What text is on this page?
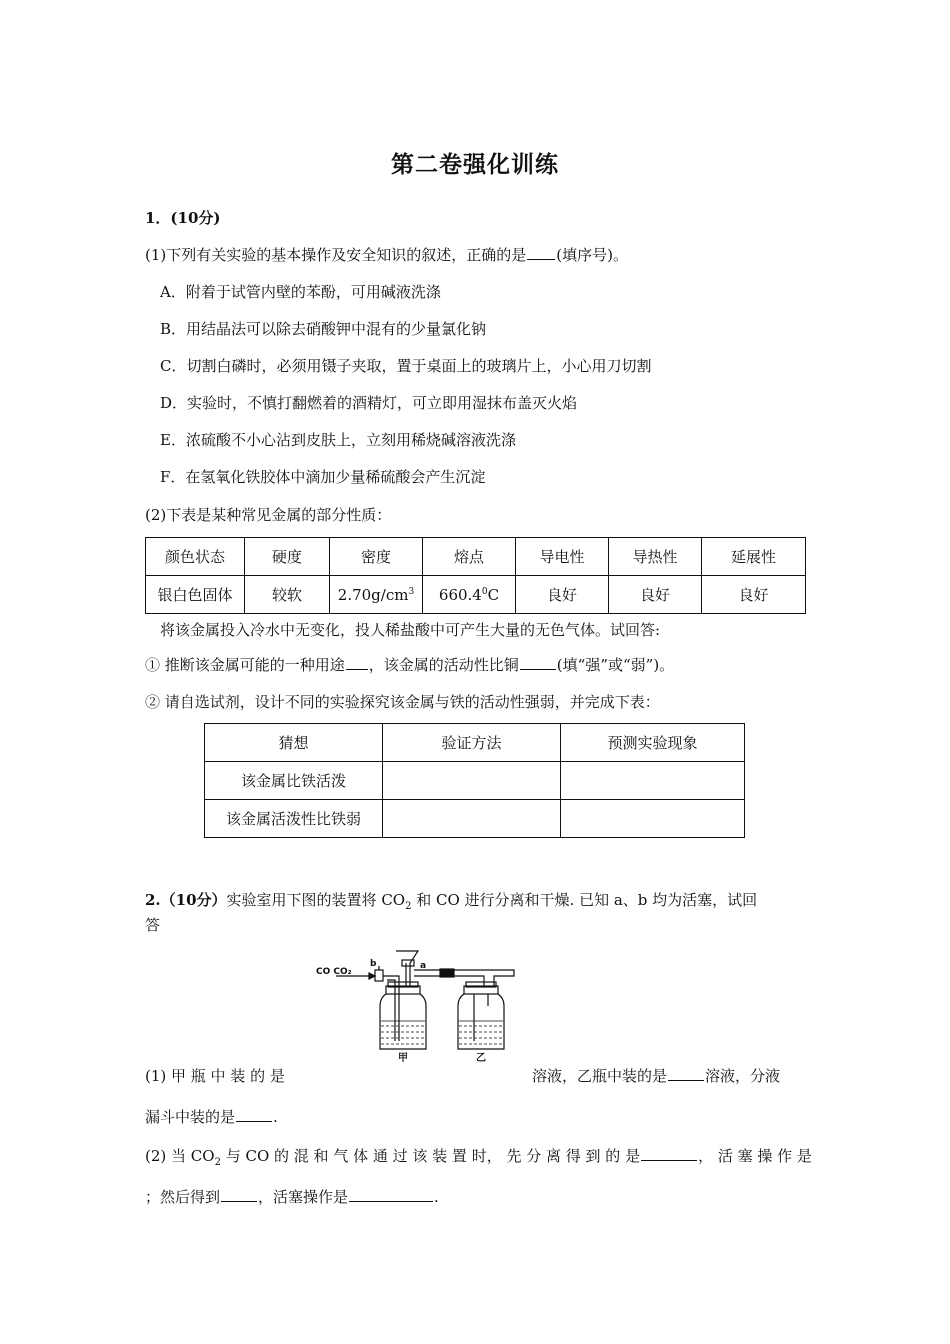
第二卷强化训练
1．(10分)
(1)下列有关实验的基本操作及安全知识的叙述，正确的是 (填序号)。
A．附着于试管内壁的苯酚，可用碱液洗涤
B．用结晶法可以除去硝酸钾中混有的少量氯化钠
C．切割白磷时，必须用镊子夹取，置于桌面上的玻璃片上，小心用刀切割
D．实验时，不慎打翻燃着的酒精灯，可立即用湿抹布盖灭火焰
E．浓硫酸不小心沾到皮肤上，立刻用稀烧碱溶液洗涤
F．在氢氧化铁胶体中滴加少量稀硫酸会产生沉淀
(2)下表是某种常见金属的部分性质：
颜色状态	硬度	密度	熔点	导电性	导热性	延展性
银白色固体	较软	$2.70g/cm^3$	660.4$^0$C	良好	良好	良好
将该金属投入冷水中无变化，投人稀盐酸中可产生大量的无色气体。试回答:
① 推断该金属可能的一种用途 ，该金属的活动性比铜	(填“强”或“弱”)。
② 请自选试剂，设计不同的实验探究该金属与铁的活动性强弱，并完成下表：
猜想	验证方法	预测实验现象
该金属比铁活泼		
该金属活泼性比铁弱		
2.（10分）实验室用下图的装置将 $CO_2$ 和 CO 进行分离和干燥. 已知 a、b 均为活塞，试回
答
CO CO₂
b	a
甲	乙
(1) 甲 瓶 中 装 的 是	溶液，乙瓶中装的是	溶液，分液
漏斗中装的是	.
(2) 当 $CO_2$ 与 CO 的 混 和 气 体 通 过 该 装 置 时， 先 分 离 得 到 的 是	， 活 塞 操 作 是
；然后得到	，活塞操作是	.
